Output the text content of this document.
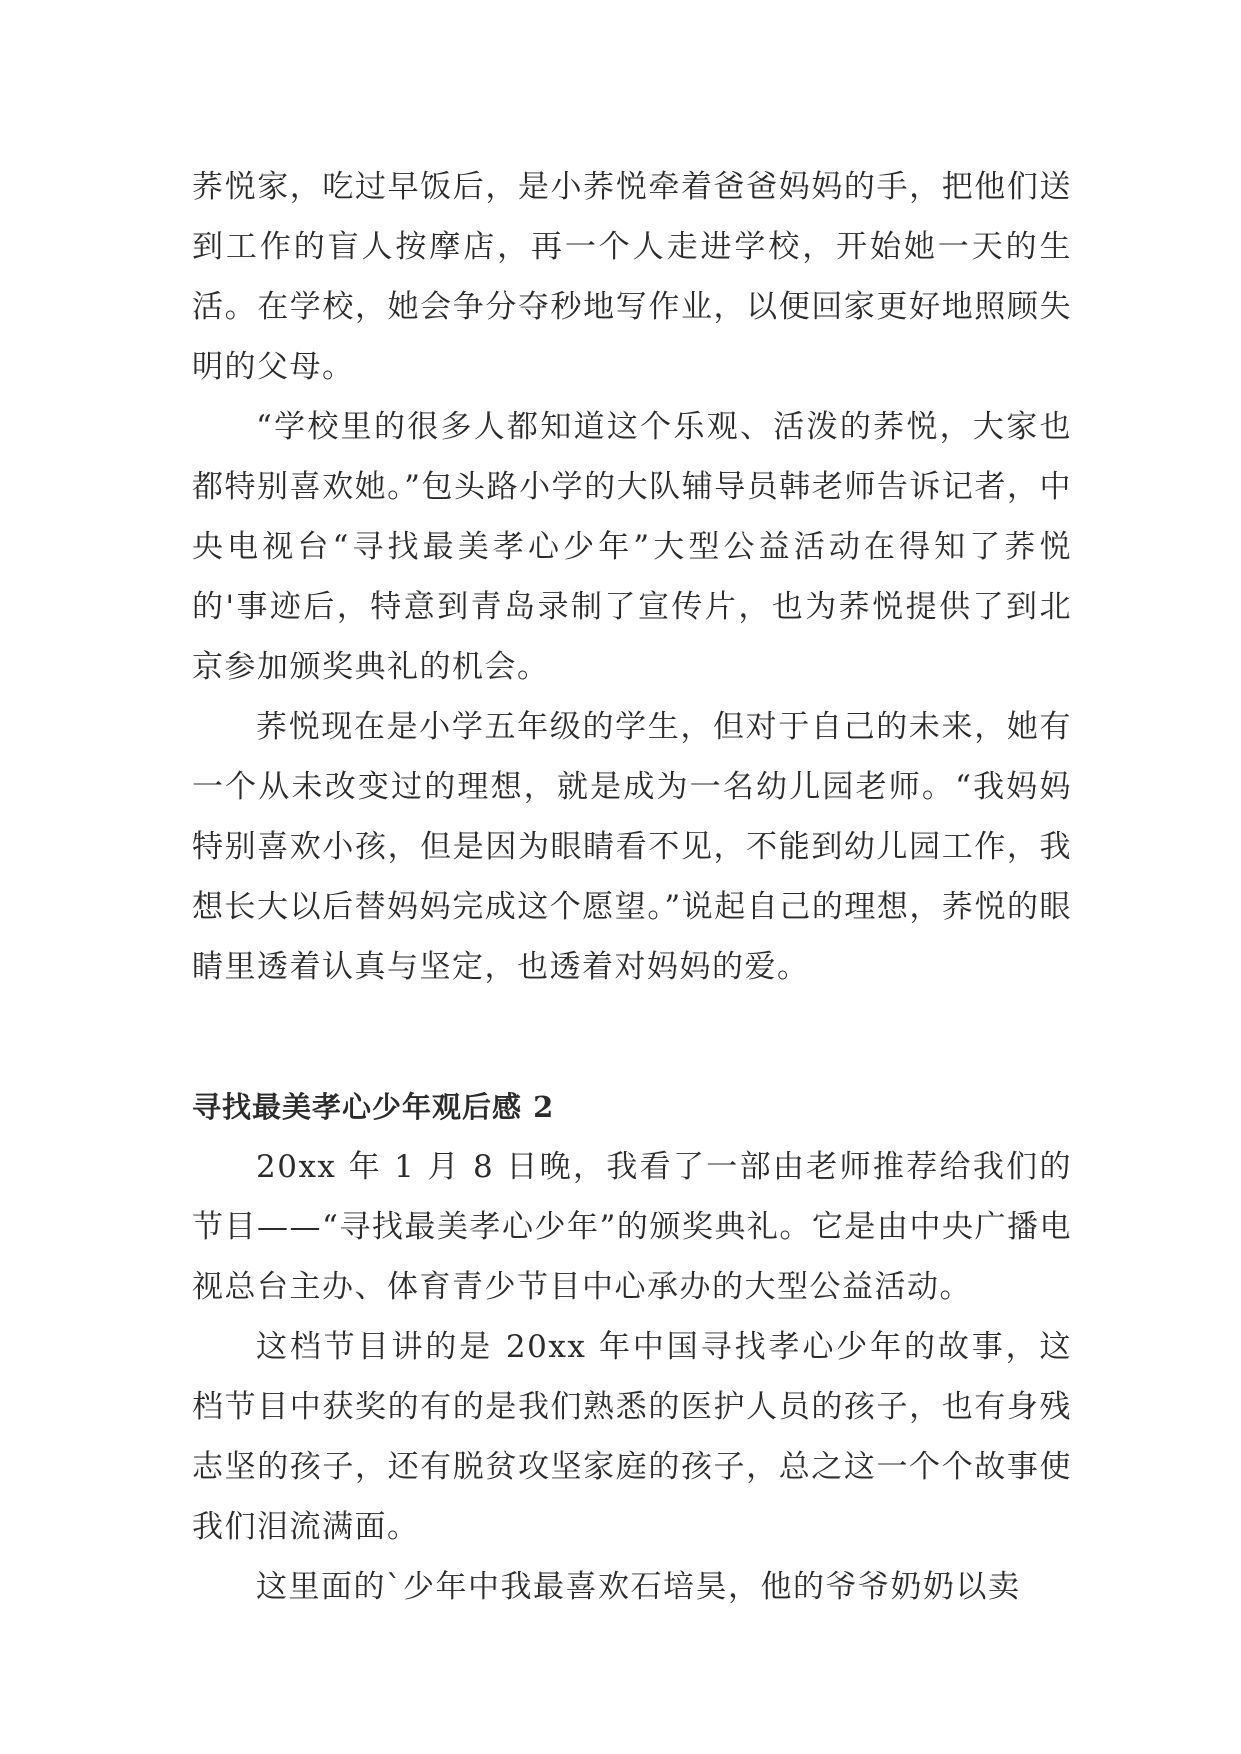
荞悦家，吃过早饭后，是小荞悦牵着爸爸妈妈的手，把他们送到工作的盲人按摩店，再一个人走进学校，开始她一天的生活。在学校，她会争分夺秒地写作业，以便回家更好地照顾失明的父母。

“学校里的很多人都知道这个乐观、活泼的荞悦，大家也都特别喜欢她。”包头路小学的大队辅导员韩老师告诉记者，中央电视台“寻找最美孝心少年”大型公益活动在得知了荞悦的'事迹后，特意到青岛录制了宣传片，也为荞悦提供了到北京参加颁奖典礼的机会。

荞悦现在是小学五年级的学生，但对于自己的未来，她有一个从未改变过的理想，就是成为一名幼儿园老师。“我妈妈特别喜欢小孩，但是因为眼睛看不见，不能到幼儿园工作，我想长大以后替妈妈完成这个愿望。”说起自己的理想，荞悦的眼睛里透着认真与坚定，也透着对妈妈的爱。

寻找最美孝心少年观后感 2

20xx 年 1 月 8 日晚，我看了一部由老师推荐给我们的节目——“寻找最美孝心少年”的颁奖典礼。它是由中央广播电视总台主办、体育青少节目中心承办的大型公益活动。

这档节目讲的是 20xx 年中国寻找孝心少年的故事，这档节目中获奖的有的是我们熟悉的医护人员的孩子，也有身残志坚的孩子，还有脱贫攻坚家庭的孩子，总之这一个个故事使我们泪流满面。

这里面的`少年中我最喜欢石培昊，他的爷爷奶奶以卖
